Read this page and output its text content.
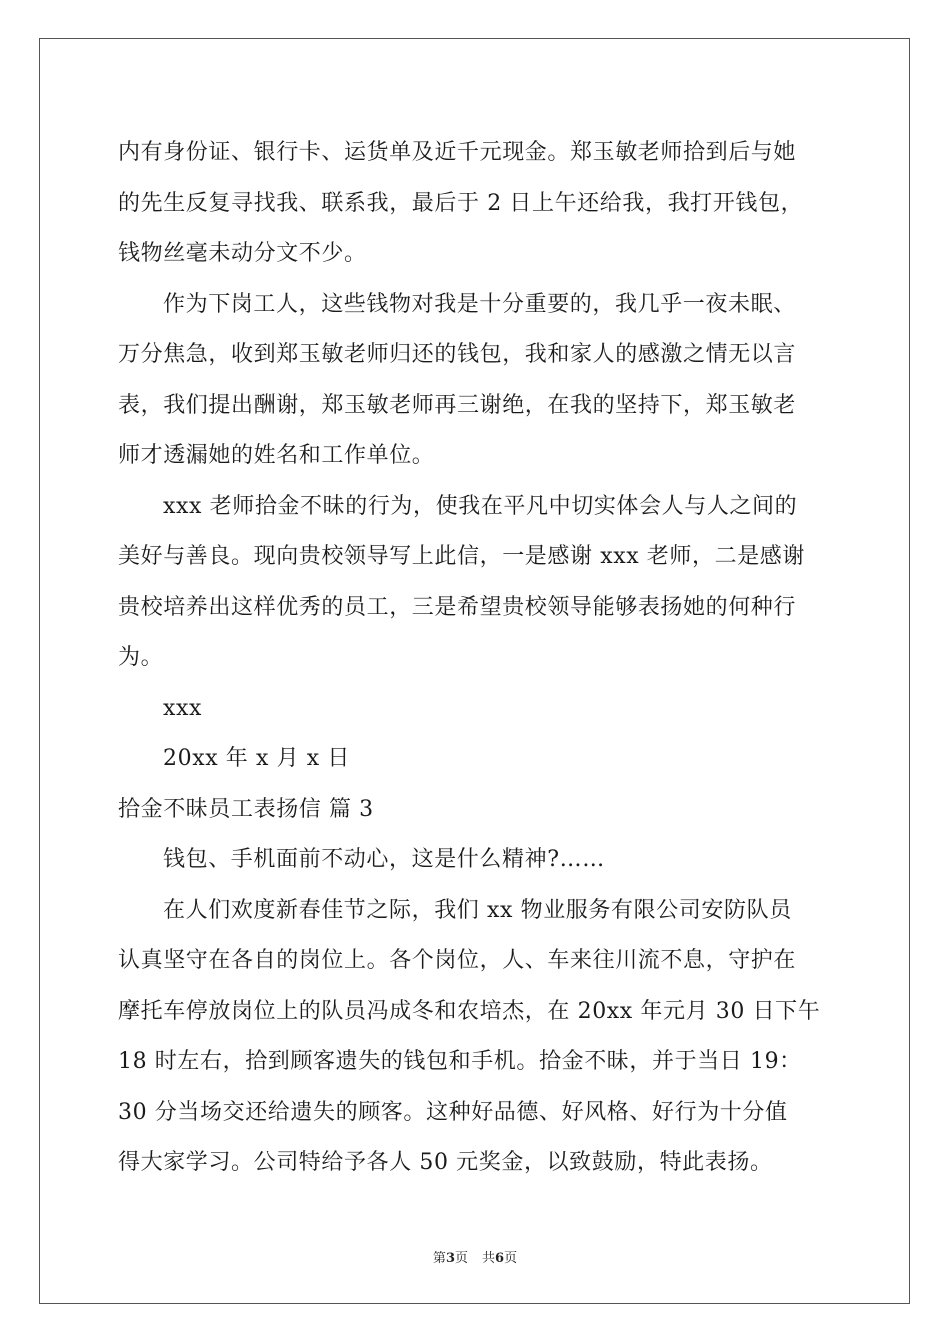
内有身份证、银行卡、运货单及近千元现金。郑玉敏老师拾到后与她
的先生反复寻找我、联系我，最后于 2 日上午还给我，我打开钱包，
钱物丝毫未动分文不少。
作为下岗工人，这些钱物对我是十分重要的，我几乎一夜未眠、
万分焦急，收到郑玉敏老师归还的钱包，我和家人的感激之情无以言
表，我们提出酬谢，郑玉敏老师再三谢绝，在我的坚持下，郑玉敏老
师才透漏她的姓名和工作单位。
xxx 老师拾金不昧的行为，使我在平凡中切实体会人与人之间的
美好与善良。现向贵校领导写上此信，一是感谢 xxx 老师，二是感谢
贵校培养出这样优秀的员工，三是希望贵校领导能够表扬她的何种行
为。
xxx
20xx 年 x 月 x 日
拾金不昧员工表扬信 篇 3
钱包、手机面前不动心，这是什么精神?……
在人们欢度新春佳节之际，我们 xx 物业服务有限公司安防队员
认真坚守在各自的岗位上。各个岗位，人、车来往川流不息，守护在
摩托车停放岗位上的队员冯成冬和农培杰，在 20xx 年元月 30 日下午
18 时左右，拾到顾客遗失的钱包和手机。拾金不昧，并于当日 19：
30 分当场交还给遗失的顾客。这种好品德、好风格、好行为十分值
得大家学习。公司特给予各人 50 元奖金，以致鼓励，特此表扬。
第3页 共6页
